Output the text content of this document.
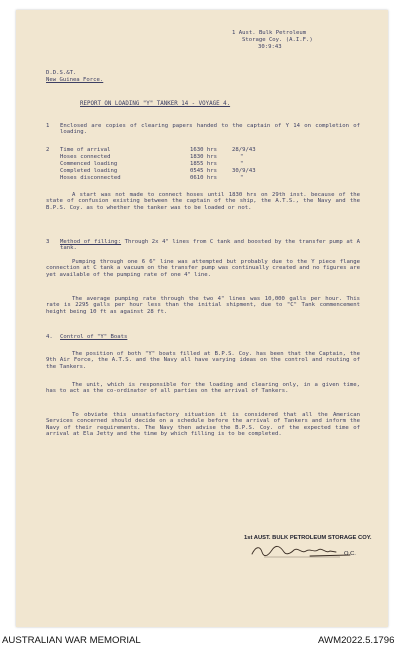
1 Aust. Bulk Petroleum
Storage Coy. (A.I.F.)
30:9:43
D.D.S.&T.
New Guinea Force.
REPORT ON LOADING "Y" TANKER 14 - VOYAGE 4.
1 Enclosed are copies of clearing papers handed to the captain of Y 14 on completion of loading.
2 Time of arrival	1630 hrs	28/9/43
Hoses connected	1830 hrs	"
Commenced loading	1855 hrs	"
Completed loading	0545 hrs	30/9/43
Hoses disconnected	0610 hrs	"
A start was not made to connect hoses until 1830 hrs on 29th inst. because of the state of confusion existing between the captain of the ship, the A.T.S., the Navy and the B.P.S. Coy. as to whether the tanker was to be loaded or not.
3 Method of filling: Through 2x 4" lines from C tank and boosted by the transfer pump at A tank.
Pumping through one 6 6" line was attempted but probably due to the Y piece flange connection at C tank a vacuum on the transfer pump was continually created and no figures are yet available of the pumping rate of one 4" line.
The average pumping rate through the two 4" lines was 10,000 galls per hour. This rate is 2295 galls per hour less than the initial shipment, due to "C" Tank commencement height being 10 ft as against 28 ft.
4. Control of "Y" Boats
The position of both "Y" boats filled at B.P.S. Coy. has been that the Captain, the 9th Air Force, the A.T.S. and the Navy all have varying ideas on the control and routing of the Tankers.
The unit, which is responsible for the loading and clearing only, in a given time, has to act as the co-ordinator of all parties on the arrival of Tankers.
To obviate this unsatisfactory situation it is considered that all the American Services concerned should decide on a schedule before the arrival of Tankers and inform the Navy of their requirements. The Navy then advise the B.P.S. Coy. of the expected time of arrival at Ela Jetty and the time by which filling is to be completed.
1st AUST. BULK PETROLEUM STORAGE COY.
O.C.
AUSTRALIAN WAR MEMORIAL	AWM2022.5.1796
